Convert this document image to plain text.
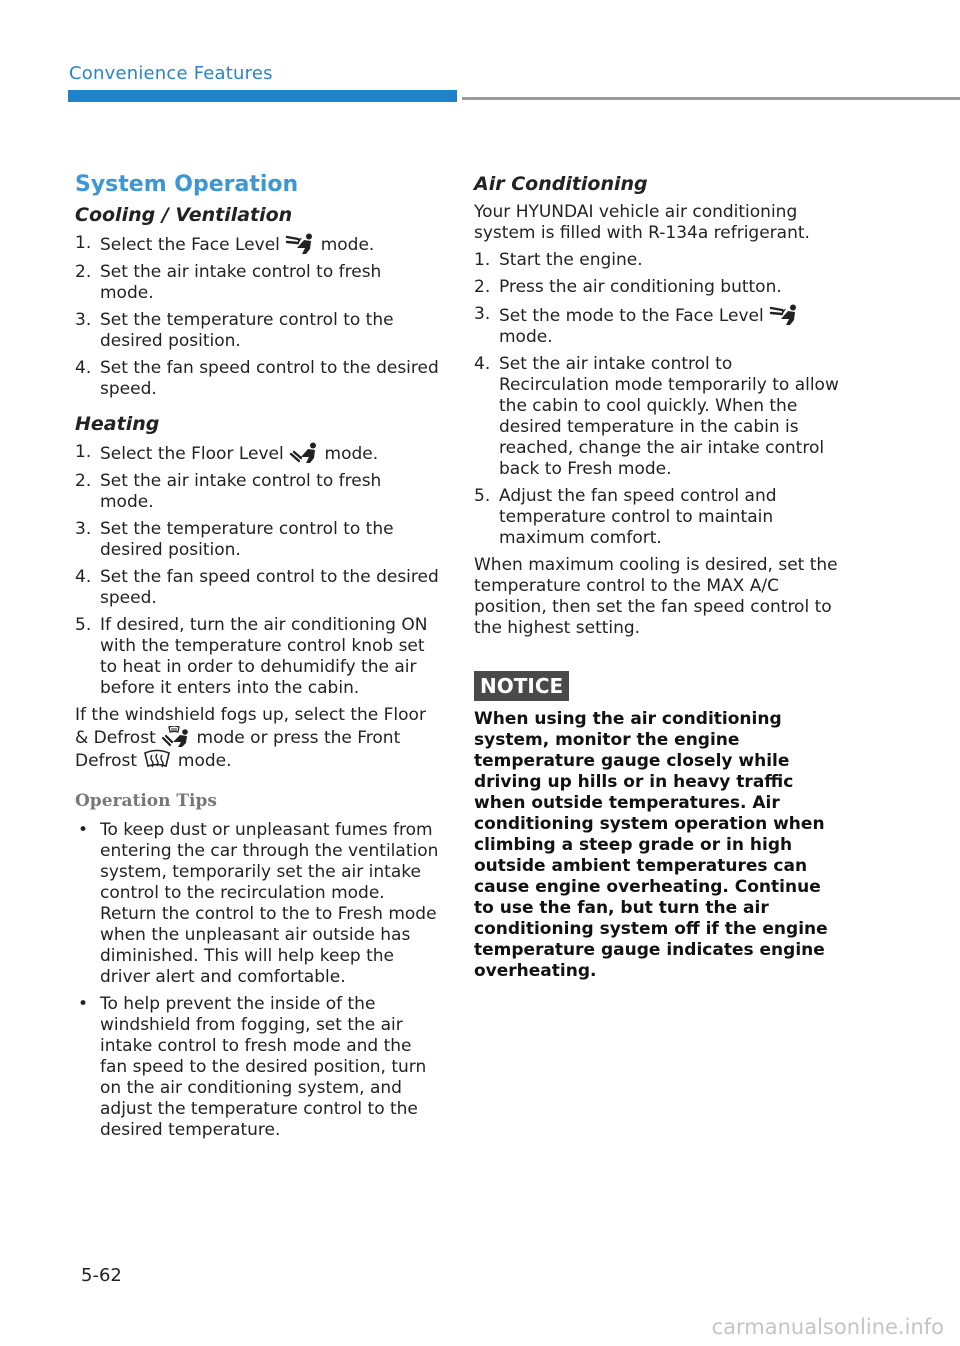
Convenience Features
System Operation
Cooling / Ventilation
1. Select the Face Level mode.
2. Set the air intake control to fresh mode.
3. Set the temperature control to the desired position.
4. Set the fan speed control to the desired speed.
Heating
1. Select the Floor Level mode.
2. Set the air intake control to fresh mode.
3. Set the temperature control to the desired position.
4. Set the fan speed control to the desired speed.
5. If desired, turn the air conditioning ON with the temperature control knob set to heat in order to dehumidify the air before it enters into the cabin.

If the windshield fogs up, select the Floor & Defrost mode or press the Front Defrost mode.

Operation Tips
• To keep dust or unpleasant fumes from entering the car through the ventilation system, temporarily set the air intake control to the recirculation mode. Return the control to the to Fresh mode when the unpleasant air outside has diminished. This will help keep the driver alert and comfortable.
• To help prevent the inside of the windshield from fogging, set the air intake control to fresh mode and the fan speed to the desired position, turn on the air conditioning system, and adjust the temperature control to the desired temperature.
Air Conditioning

Your HYUNDAI vehicle air conditioning system is filled with R-134a refrigerant.

1. Start the engine.
2. Press the air conditioning button.
3. Set the mode to the Face Level
mode.
4. Set the air intake control to Recirculation mode temporarily to allow the cabin to cool quickly. When the desired temperature in the cabin is reached, change the air intake control back to Fresh mode.
5. Adjust the fan speed control and temperature control to maintain maximum comfort.

When maximum cooling is desired, set the temperature control to the MAX A/C position, then set the fan speed control to the highest setting.

NOTICE

When using the air conditioning system, monitor the engine temperature gauge closely while driving up hills or in heavy traffic when outside temperatures. Air conditioning system operation when climbing a steep grade or in high outside ambient temperatures can cause engine overheating. Continue to use the fan, but turn the air conditioning system off if the engine temperature gauge indicates engine overheating.

5-62
carmanualsonline.info
